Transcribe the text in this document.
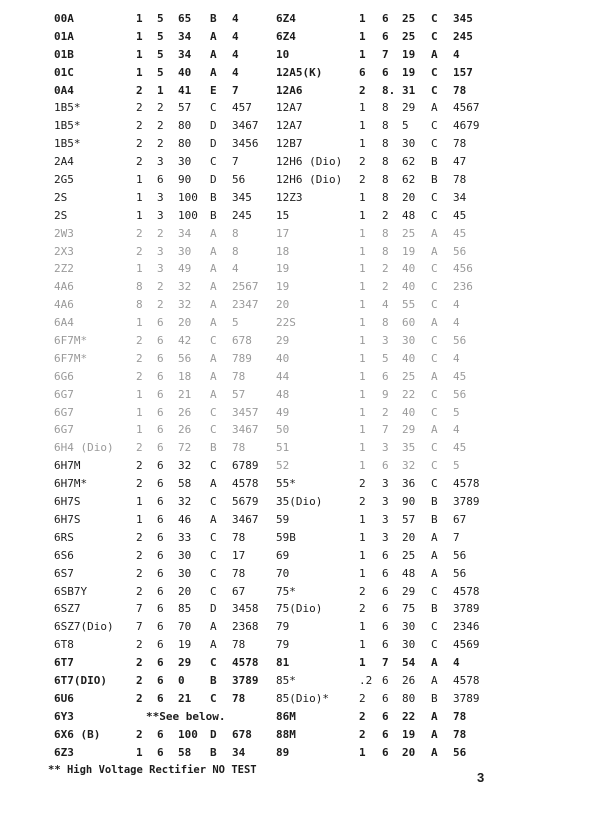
00A	1 5 65 B 4
01A	1 5 34 A 4
01B	1 5 34 A 4
01C	1 5 40 A 4
0A4	2 1 41 E 7
1B5*	2 2 57 C 457
1B5*	2 2 80 D 3467
1B5*	2 2 80 D 3456
2A4	2 3 30 C 7
2G5	1 6 90 D 56
2S	1 3 100 B 345
2S	1 3 100 B 245
2W3	2 2 34 A 8
2X3	2 3 30 A 8
2Z2	1 3 49 A 4
4A6	8 2 32 A 2567
4A6	8 2 32 A 2347
6A4	1 6 20 A 5
6F7M*	2 6 42 C 678
6F7M*	2 6 56 A 789
6G6	2 6 18 A 78
6G7	1 6 21 A 57
6G7	1 6 26 C 3457
6G7	1 6 26 C 3467
6H4 (Dio) 2 6 72 B 78
6H7M	2 6 32 C 6789
6H7M*	2 6 58 A 4578
6H7S	1 6 32 C 5679
6H7S	1 6 46 A 3467
6RS	2 6 33 C 78
6S6	2 6 30 C 17
6S7	2 6 30 C 78
6SB7Y	2 6 20 C 67
6SZ7	7 6 85 D 3458
6SZ7(Dio) 7 6 70 A 2368
6T8	2 6 19 A 78
6T7	2 6 29 C 4578
6T7(DIO)	2 6 0 B 3789
6U6	2 6 21 C 78
6Y3	**See below.
6X6 (B)	2 6 100 D 678
6Z3	1 6 58 B 34
6Z4	1 6 25 C 345
6Z4	1 6 25 C 245
10	1 7 19 A 4
12A5(K)	6 6 19 C 157
12A6	2 8. 31 C 78
12A7	1 8 29 A 4567
12A7	1 8 5 C 4679
12B7	1 8 30 C 78
12H6 (Dio) 2 8 62 B 47
12H6 (Dio) 2 8 62 B 78
12Z3	1 8 20 C 34
15	1 2 48 C 45
17	1 8 25 A 45
18	1 8 19 A 56
19	1 2 40 C 456
19	1 2 40 C 236
20	1 4 55 C 4
22S	1 8 60 A 4
29	1 3 30 C 56
40	1 5 40 C 4
44	1 6 25 A 45
48	1 9 22 C 56
49	1 2 40 C 5
50	1 7 29 A 4
51	1 3 35 C 45
52	1 6 32 C 5
55*	2 3 36 C 4578
35(Dio)	2 3 90 B 3789
59	1 3 57 B 67
59B	1 3 20 A 7
69	1 6 25 A 56
70	1 6 48 A 56
75*	2 6 29 C 4578
75(Dio)	2 6 75 B 3789
79	1 6 30 C 2346
79	1 6 30 C 4569
81	1 7 54 A 4
85*	.2 6 26 A 4578
85(Dio)*	2 6 80 B 3789
86M	2 6 22 A 78
88M	2 6 19 A 78
89	1 6 20 A 56
** High Voltage Rectifier NO TEST	3
